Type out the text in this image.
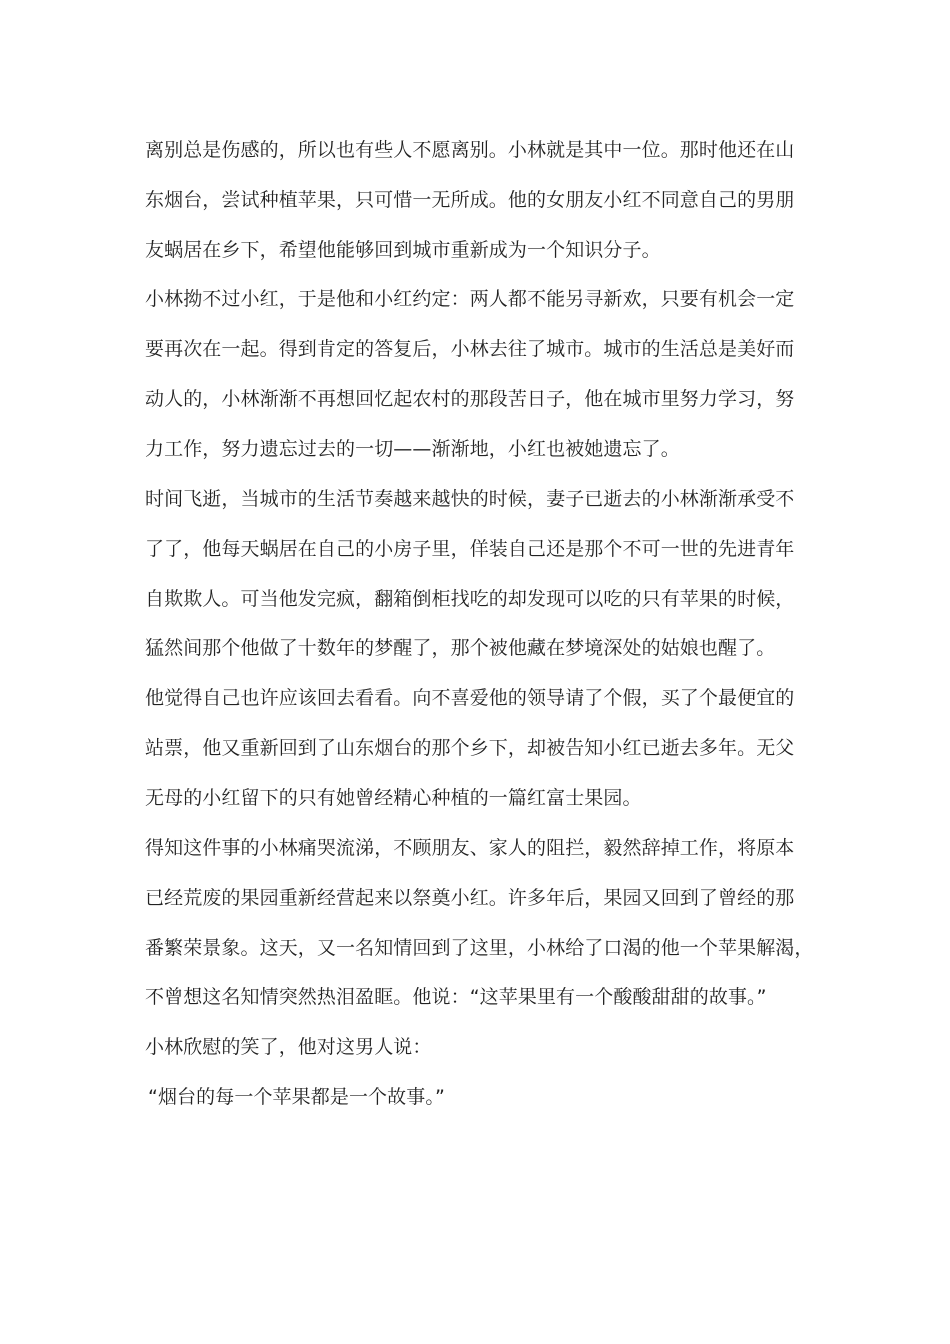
离别总是伤感的，所以也有些人不愿离别。小林就是其中一位。那时他还在山
东烟台，尝试种植苹果，只可惜一无所成。他的女朋友小红不同意自己的男朋
友蜗居在乡下，希望他能够回到城市重新成为一个知识分子。
小林拗不过小红，于是他和小红约定：两人都不能另寻新欢，只要有机会一定
要再次在一起。得到肯定的答复后，小林去往了城市。城市的生活总是美好而
动人的，小林渐渐不再想回忆起农村的那段苦日子，他在城市里努力学习，努
力工作，努力遗忘过去的一切——渐渐地，小红也被她遗忘了。
时间飞逝，当城市的生活节奏越来越快的时候，妻子已逝去的小林渐渐承受不
了了，他每天蜗居在自己的小房子里，佯装自己还是那个不可一世的先进青年
自欺欺人。可当他发完疯，翻箱倒柜找吃的却发现可以吃的只有苹果的时候，
猛然间那个他做了十数年的梦醒了，那个被他藏在梦境深处的姑娘也醒了。
他觉得自己也许应该回去看看。向不喜爱他的领导请了个假，买了个最便宜的
站票，他又重新回到了山东烟台的那个乡下，却被告知小红已逝去多年。无父
无母的小红留下的只有她曾经精心种植的一篇红富士果园。
得知这件事的小林痛哭流涕，不顾朋友、家人的阻拦，毅然辞掉工作，将原本
已经荒废的果园重新经营起来以祭奠小红。许多年后，果园又回到了曾经的那
番繁荣景象。这天，又一名知情回到了这里，小林给了口渴的他一个苹果解渴，
不曾想这名知情突然热泪盈眶。他说：“这苹果里有一个酸酸甜甜的故事。”
小林欣慰的笑了，他对这男人说：
“烟台的每一个苹果都是一个故事。”
